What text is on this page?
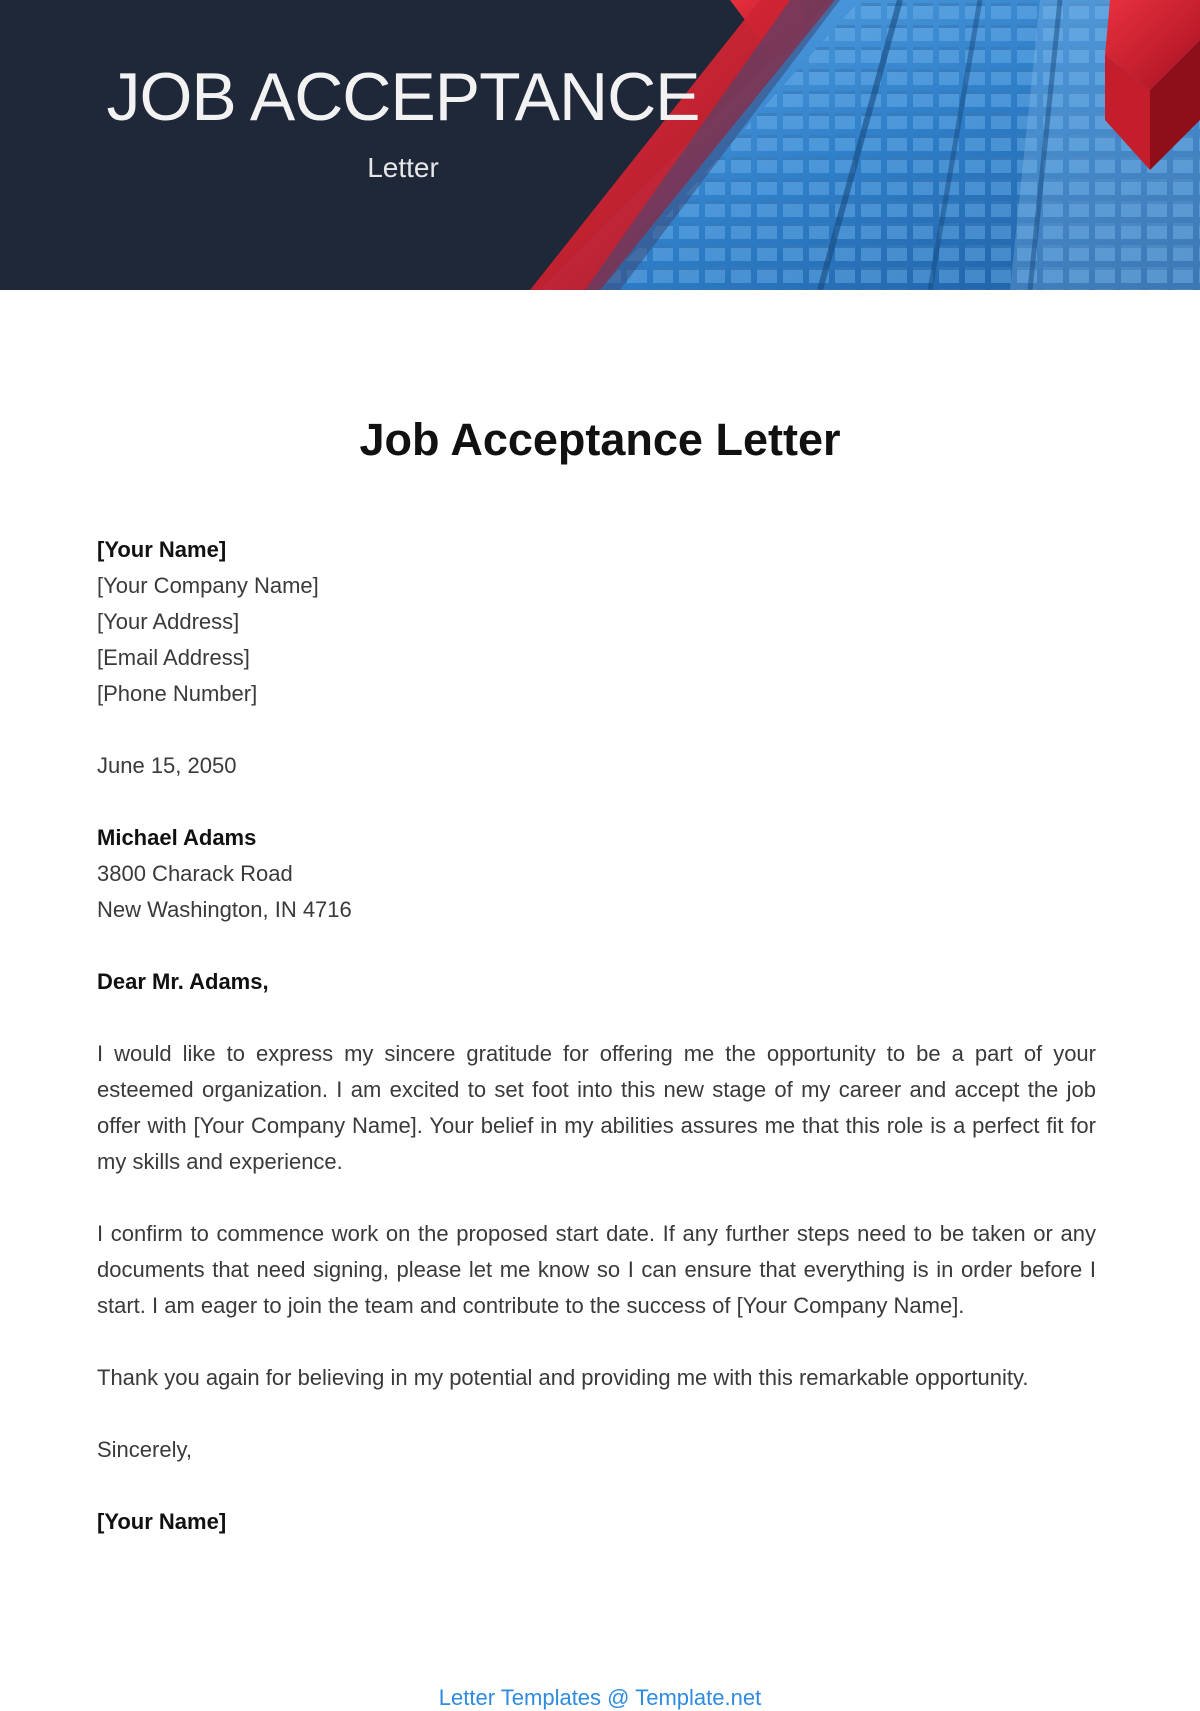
JOB ACCEPTANCE
Letter
Job Acceptance Letter
[Your Name]
[Your Company Name]
[Your Address]
[Email Address]
[Phone Number]
June 15, 2050
Michael Adams
3800 Charack Road
New Washington, IN 4716
Dear Mr. Adams,

I would like to express my sincere gratitude for offering me the opportunity to be a part of your esteemed organization. I am excited to set foot into this new stage of my career and accept the job offer with [Your Company Name]. Your belief in my abilities assures me that this role is a perfect fit for my skills and experience.

I confirm to commence work on the proposed start date. If any further steps need to be taken or any documents that need signing, please let me know so I can ensure that everything is in order before I start. I am eager to join the team and contribute to the success of [Your Company Name].

Thank you again for believing in my potential and providing me with this remarkable opportunity.

Sincerely,
[Your Name]
Letter Templates @ Template.net
